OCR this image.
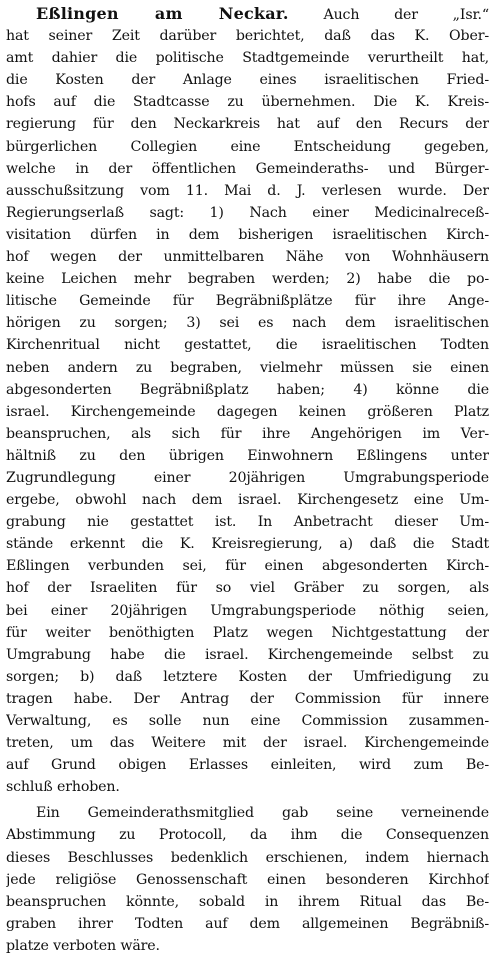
Eßlingen am Neckar. Auch der „Isr.“
hat seiner Zeit darüber berichtet, daß das K. Ober-
amt dahier die politische Stadtgemeinde verurtheilt hat,
die Kosten der Anlage eines israelitischen Fried-
hofs auf die Stadtcasse zu übernehmen. Die K. Kreis-
regierung für den Neckarkreis hat auf den Recurs der
bürgerlichen Collegien eine Entscheidung gegeben,
welche in der öffentlichen Gemeinderaths- und Bürger-
ausschußsitzung vom 11. Mai d. J. verlesen wurde. Der
Regierungserlaß sagt: 1) Nach einer Medicinalreceß-
visitation dürfen in dem bisherigen israelitischen Kirch-
hof wegen der unmittelbaren Nähe von Wohnhäusern
keine Leichen mehr begraben werden; 2) habe die po-
litische Gemeinde für Begräbnißplätze für ihre Ange-
hörigen zu sorgen; 3) sei es nach dem israelitischen
Kirchenritual nicht gestattet, die israelitischen Todten
neben andern zu begraben, vielmehr müssen sie einen
abgesonderten Begräbnißplatz haben; 4) könne die
israel. Kirchengemeinde dagegen keinen größeren Platz
beanspruchen, als sich für ihre Angehörigen im Ver-
hältniß zu den übrigen Einwohnern Eßlingens unter
Zugrundlegung einer 20jährigen Umgrabungsperiode
ergebe, obwohl nach dem israel. Kirchengesetz eine Um-
grabung nie gestattet ist. In Anbetracht dieser Um-
stände erkennt die K. Kreisregierung, a) daß die Stadt
Eßlingen verbunden sei, für einen abgesonderten Kirch-
hof der Israeliten für so viel Gräber zu sorgen, als
bei einer 20jährigen Umgrabungsperiode nöthig seien,
für weiter benöthigten Platz wegen Nichtgestattung der
Umgrabung habe die israel. Kirchengemeinde selbst zu
sorgen; b) daß letztere Kosten der Umfriedigung zu
tragen habe. Der Antrag der Commission für innere
Verwaltung, es solle nun eine Commission zusammen-
treten, um das Weitere mit der israel. Kirchengemeinde
auf Grund obigen Erlasses einleiten, wird zum Be-
schluß erhoben.
Ein Gemeinderathsmitglied gab seine verneinende
Abstimmung zu Protocoll, da ihm die Consequenzen
dieses Beschlusses bedenklich erschienen, indem hiernach
jede religiöse Genossenschaft einen besonderen Kirchhof
beanspruchen könnte, sobald in ihrem Ritual das Be-
graben ihrer Todten auf dem allgemeinen Begräbniß-
platze verboten wäre.
